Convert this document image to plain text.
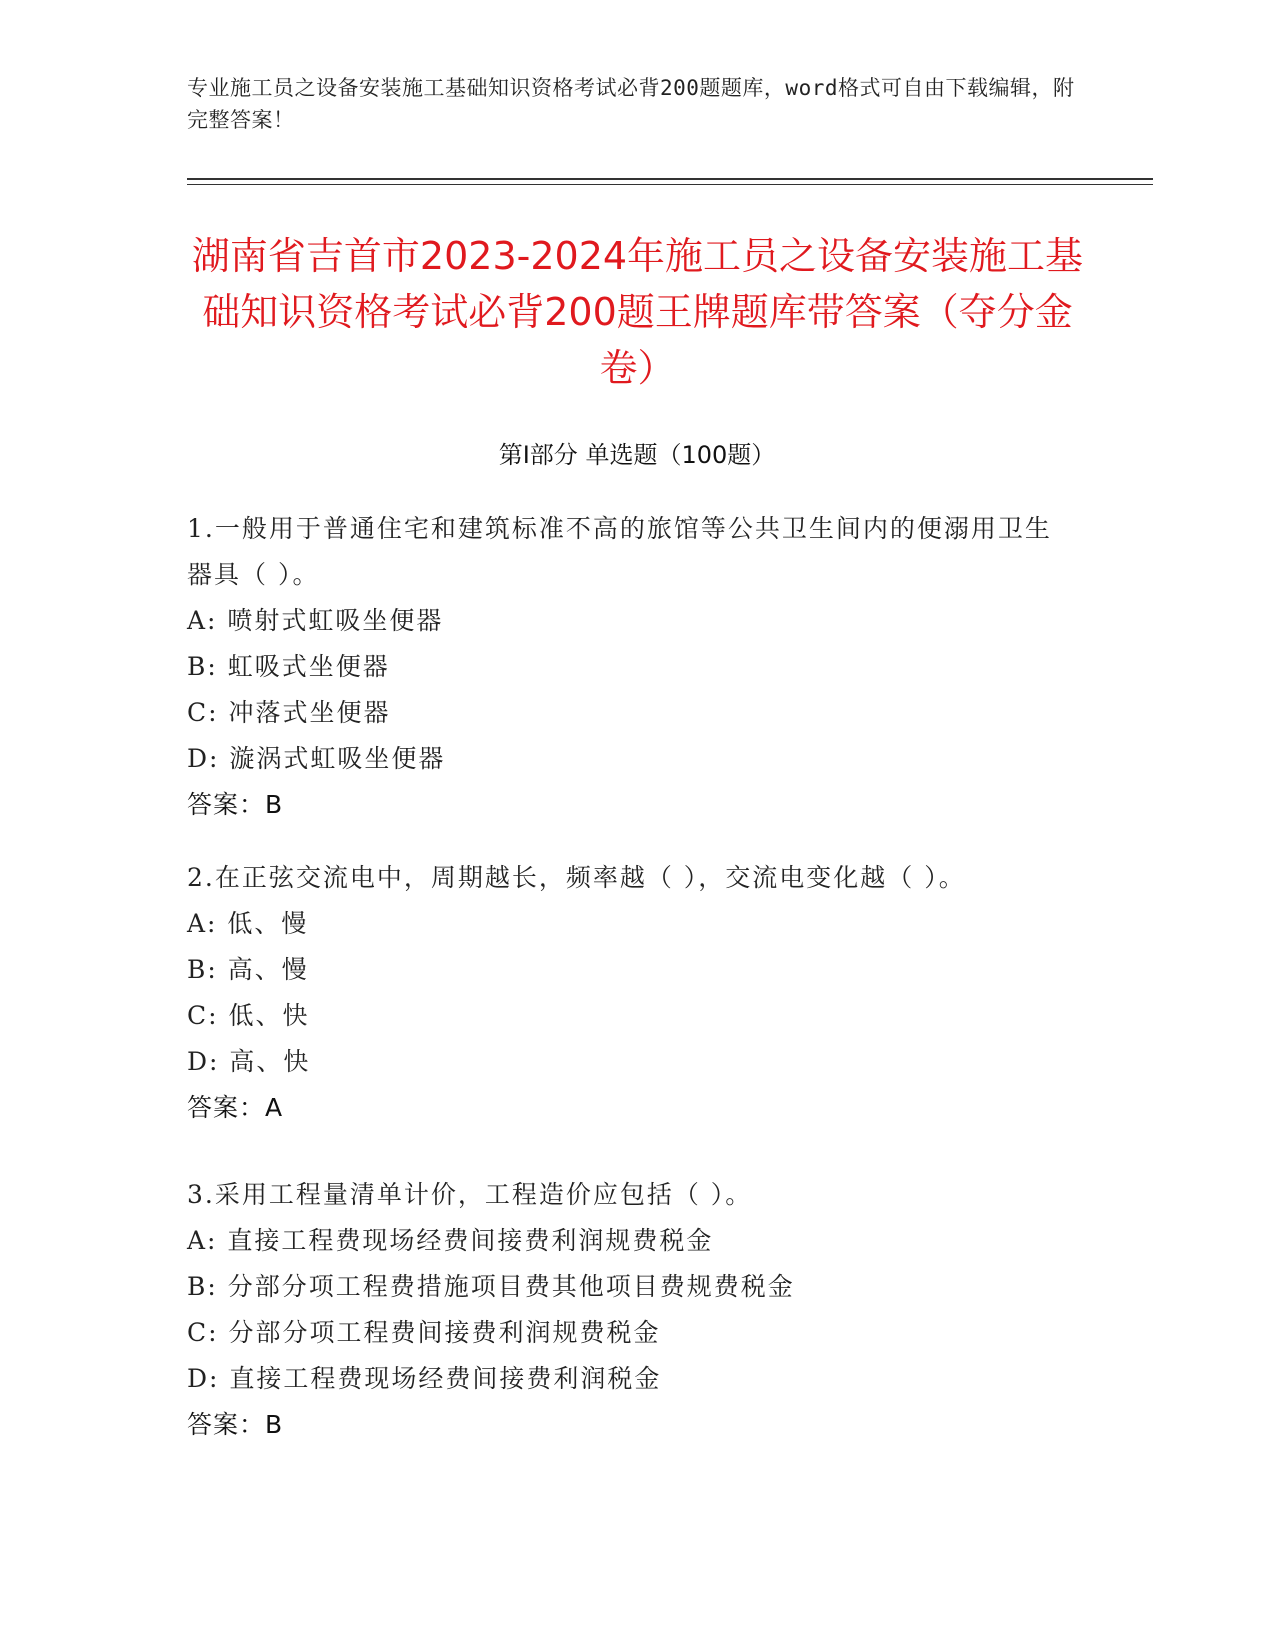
专业施工员之设备安装施工基础知识资格考试必背200题题库，word格式可自由下载编辑，附完整答案！
湖南省吉首市2023-2024年施工员之设备安装施工基础知识资格考试必背200题王牌题库带答案（夺分金卷）
第Ⅰ部分 单选题（100题）
1.一般用于普通住宅和建筑标准不高的旅馆等公共卫生间内的便溺用卫生器具（ ）。
A: 喷射式虹吸坐便器
B: 虹吸式坐便器
C: 冲落式坐便器
D: 漩涡式虹吸坐便器
答案：B
2.在正弦交流电中，周期越长，频率越（ ），交流电变化越（ ）。
A: 低、慢
B: 高、慢
C: 低、快
D: 高、快
答案：A
3.采用工程量清单计价，工程造价应包括（ ）。
A: 直接工程费现场经费间接费利润规费税金
B: 分部分项工程费措施项目费其他项目费规费税金
C: 分部分项工程费间接费利润规费税金
D: 直接工程费现场经费间接费利润税金
答案：B
